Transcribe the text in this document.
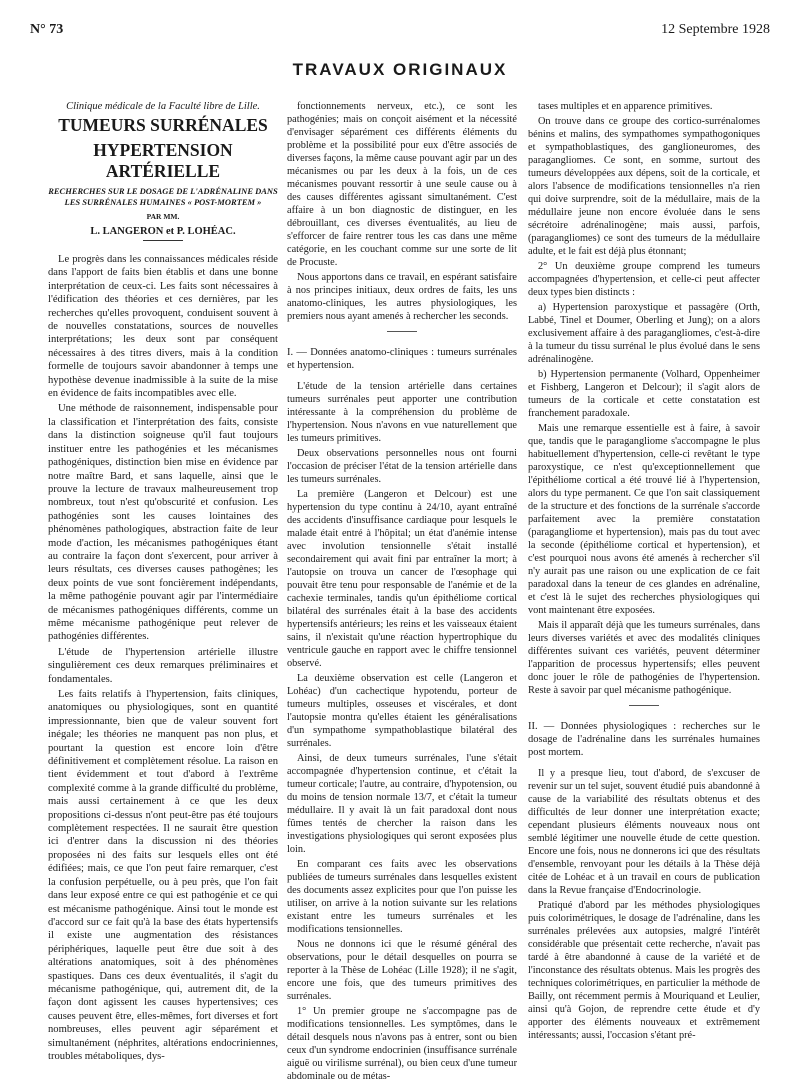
N° 73	12 Septembre 1928
TRAVAUX ORIGINAUX

Clinique médicale de la Faculté libre de Lille.

TUMEURS SURRÉNALES
HYPERTENSION ARTÉRIELLE

RECHERCHES SUR LE DOSAGE DE L'ADRÉNALINE DANS LES SURRÉNALES HUMAINES « POST-MORTEM »

PAR MM.

L. LANGERON et P. LOHÉAC.

Le progrès dans les connaissances médicales réside dans l'apport de faits bien établis et dans une bonne interprétation de ceux-ci. Les faits sont nécessaires à l'édification des théories et ces dernières, par les recherches qu'elles provoquent, conduisent souvent à de nouvelles constatations, sources de nouvelles interprétations; les deux sont par conséquent nécessaires à des titres divers, mais à la condition formelle de toujours savoir abandonner à temps une hypothèse devenue inadmissible à la suite de la mise en évidence de faits incompatibles avec elle.

Une méthode de raisonnement, indispensable pour la classification et l'interprétation des faits, consiste dans la distinction soigneuse qu'il faut toujours instituer entre les pathogénies et les mécanismes pathogéniques, distinction bien mise en évidence par notre maître Bard, et sans laquelle, ainsi que le prouve la lecture de travaux malheureusement trop nombreux, tout n'est qu'obscurité et confusion. Les pathogénies sont les causes lointaines des phénomènes pathologiques, abstraction faite de leur mode d'action, les mécanismes pathogéniques étant au contraire la façon dont s'exercent, pour arriver à leurs résultats, ces diverses causes pathogènes; les deux points de vue sont foncièrement indépendants, la même pathogénie pouvant agir par l'intermédiaire de mécanismes pathogéniques différents, comme un même mécanisme pathogénique peut relever de pathogénies différentes.

L'étude de l'hypertension artérielle illustre singulièrement ces deux remarques préliminaires et fondamentales.

Les faits relatifs à l'hypertension, faits cliniques, anatomiques ou physiologiques, sont en quantité impressionnante, bien que de valeur souvent fort inégale; les théories ne manquent pas non plus, et pourtant la question est encore loin d'être définitivement et complètement résolue. La raison en tient évidemment et tout d'abord à l'extrême complexité comme à la grande difficulté du problème, mais aussi certainement à ce que les deux propositions ci-dessus n'ont peut-être pas été toujours complètement respectées. Il ne saurait être question ici d'entrer dans la discussion ni des théories proposées ni des faits sur lesquels elles ont été édifiées; mais, ce que l'on peut faire remarquer, c'est la confusion perpétuelle, ou à peu près, que l'on fait dans leur exposé entre ce qui est pathogénie et ce qui est mécanisme pathogénique. Ainsi tout le monde est d'accord sur ce fait qu'à la base des états hypertensifs il existe une augmentation des résistances périphériques, laquelle peut être due soit à des altérations anatomiques, soit à des phénomènes spastiques. Dans ces deux éventualités, il s'agit du mécanisme pathogénique, qui, autrement dit, de la façon dont agissent les causes hypertensives; ces causes peuvent être, elles-mêmes, fort diverses et fort nombreuses, elles peuvent agir séparément et simultanément (néphrites, altérations endocriniennes, troubles métaboliques, dys-

fonctionnements nerveux, etc.), ce sont les pathogénies; mais on conçoit aisément et la nécessité d'envisager séparément ces différents éléments du problème et la possibilité pour eux d'être associés de diverses façons, la même cause pouvant agir par un des mécanismes ou par les deux à la fois, un de ces mécanismes pouvant ressortir à une seule cause ou à des causes différentes agissant simultanément. C'est affaire à un bon diagnostic de distinguer, en les débrouillant, ces diverses éventualités, au lieu de s'efforcer de faire rentrer tous les cas dans une même catégorie, en les couchant comme sur une sorte de lit de Procuste.

Nous apportons dans ce travail, en espérant satisfaire à nos principes initiaux, deux ordres de faits, les uns anatomo-cliniques, les autres physiologiques, les premiers nous ayant amenés à rechercher les seconds.

I. — Données anatomo-cliniques : tumeurs surrénales et hypertension.

L'étude de la tension artérielle dans certaines tumeurs surrénales peut apporter une contribution intéressante à la compréhension du problème de l'hypertension. Nous n'avons en vue naturellement que les tumeurs primitives.

Deux observations personnelles nous ont fourni l'occasion de préciser l'état de la tension artérielle dans les tumeurs surrénales.

La première (Langeron et Delcour) est une hypertension du type continu à 24/10, ayant entraîné des accidents d'insuffisance cardiaque pour lesquels le malade était entré à l'hôpital; un état d'anémie intense avec involution tensionnelle s'était installé secondairement qui avait fini par entraîner la mort; à l'autopsie on trouva un cancer de l'œsophage qui pouvait être tenu pour responsable de l'anémie et de la cachexie terminales, tandis qu'un épithéliome cortical bilatéral des surrénales était à la base des accidents hypertensifs antérieurs; les reins et les vaisseaux étaient sains, il n'existait qu'une réaction hypertrophique du ventricule gauche en rapport avec le chiffre tensionnel observé.

La deuxième observation est celle (Langeron et Lohéac) d'un cachectique hypotendu, porteur de tumeurs multiples, osseuses et viscérales, et dont l'autopsie montra qu'elles étaient les généralisations d'un sympathome sympathoblastique bilatéral des surrénales.

Ainsi, de deux tumeurs surrénales, l'une s'était accompagnée d'hypertension continue, et c'était la tumeur corticale; l'autre, au contraire, d'hypotension, ou du moins de tension normale 13/7, et c'était la tumeur médullaire. Il y avait là un fait paradoxal dont nous fûmes tentés de chercher la raison dans les investigations physiologiques qui seront exposées plus loin.

En comparant ces faits avec les observations publiées de tumeurs surrénales dans lesquelles existent des documents assez explicites pour que l'on puisse les utiliser, on arrive à la notion suivante sur les relations existant entre les tumeurs surrénales et les modifications tensionnelles.

Nous ne donnons ici que le résumé général des observations, pour le détail desquelles on pourra se reporter à la Thèse de Lohéac (Lille 1928); il ne s'agit, encore une fois, que des tumeurs primitives des surrénales.

1° Un premier groupe ne s'accompagne pas de modifications tensionnelles. Les symptômes, dans le détail desquels nous n'avons pas à entrer, sont ou bien ceux d'un syndrome endocrinien (insuffisance surrénale aiguë ou virilisme surrénal), ou bien ceux d'une tumeur abdominale ou de métas-

tases multiples et en apparence primitives.

On trouve dans ce groupe des cortico-surrénalomes bénins et malins, des sympathomes sympathogoniques et sympathoblastiques, des ganglioneuromes, des paragangliomes. Ce sont, en somme, surtout des tumeurs développées aux dépens, soit de la corticale, et alors l'absence de modifications tensionnelles n'a rien qui doive surprendre, soit de la médullaire, mais de la médullaire jeune non encore évoluée dans le sens sécrétoire adrénalinogène; mais aussi, parfois, (paragangliomes) ce sont des tumeurs de la médullaire adulte, et le fait est déjà plus étonnant;

2° Un deuxième groupe comprend les tumeurs accompagnées d'hypertension, et celle-ci peut affecter deux types bien distincts :

a) Hypertension paroxystique et passagère (Orth, Labbé, Tinel et Doumer, Oberling et Jung); on a alors exclusivement affaire à des paragangliomes, c'est-à-dire à la tumeur du tissu surrénal le plus évolué dans le sens adrénalinogène.

b) Hypertension permanente (Volhard, Oppenheimer et Fishberg, Langeron et Delcour); il s'agit alors de tumeurs de la corticale et cette constatation est franchement paradoxale.

Mais une remarque essentielle est à faire, à savoir que, tandis que le paragangliome s'accompagne le plus habituellement d'hypertension, celle-ci revêtant le type paroxystique, ce n'est qu'exceptionnellement que l'épithéliome cortical a été trouvé lié à l'hypertension, alors du type permanent. Ce que l'on sait classiquement de la structure et des fonctions de la surrénale s'accorde parfaitement avec la première constatation (paragangliome et hypertension), mais pas du tout avec la seconde (épithéliome cortical et hypertension), et c'est pourquoi nous avons été amenés à rechercher s'il n'y aurait pas une raison ou une explication de ce fait paradoxal dans la teneur de ces glandes en adrénaline, et c'est là le sujet des recherches physiologiques qui vont maintenant être exposées.

Mais il apparaît déjà que les tumeurs surrénales, dans leurs diverses variétés et avec des modalités cliniques différentes suivant ces variétés, peuvent déterminer l'apparition de processus hypertensifs; elles peuvent donc jouer le rôle de pathogénies de l'hypertension. Reste à savoir par quel mécanisme pathogénique.

II. — Données physiologiques : recherches sur le dosage de l'adrénaline dans les surrénales humaines post mortem.

Il y a presque lieu, tout d'abord, de s'excuser de revenir sur un tel sujet, souvent étudié puis abandonné à cause de la variabilité des résultats obtenus et des difficultés de leur donner une interprétation exacte; cependant plusieurs éléments nouveaux nous ont semblé légitimer une nouvelle étude de cette question. Encore une fois, nous ne donnerons ici que des résultats d'ensemble, renvoyant pour les détails à la Thèse déjà citée de Lohéac et à un travail en cours de publication dans la Revue française d'Endocrinologie.

Pratiqué d'abord par les méthodes physiologiques puis colorimétriques, le dosage de l'adrénaline, dans les surrénales prélevées aux autopsies, malgré l'intérêt considérable que présentait cette recherche, n'avait pas tardé à être abandonné à cause de la variété et de l'inconstance des résultats obtenus. Mais les progrès des techniques colorimétriques, en particulier la méthode de Bailly, ont récemment permis à Mouriquand et Leulier, ainsi qu'à Gojon, de reprendre cette étude et d'y apporter des éléments nouveaux et extrêmement intéressants; aussi, l'occasion s'étant pré-
